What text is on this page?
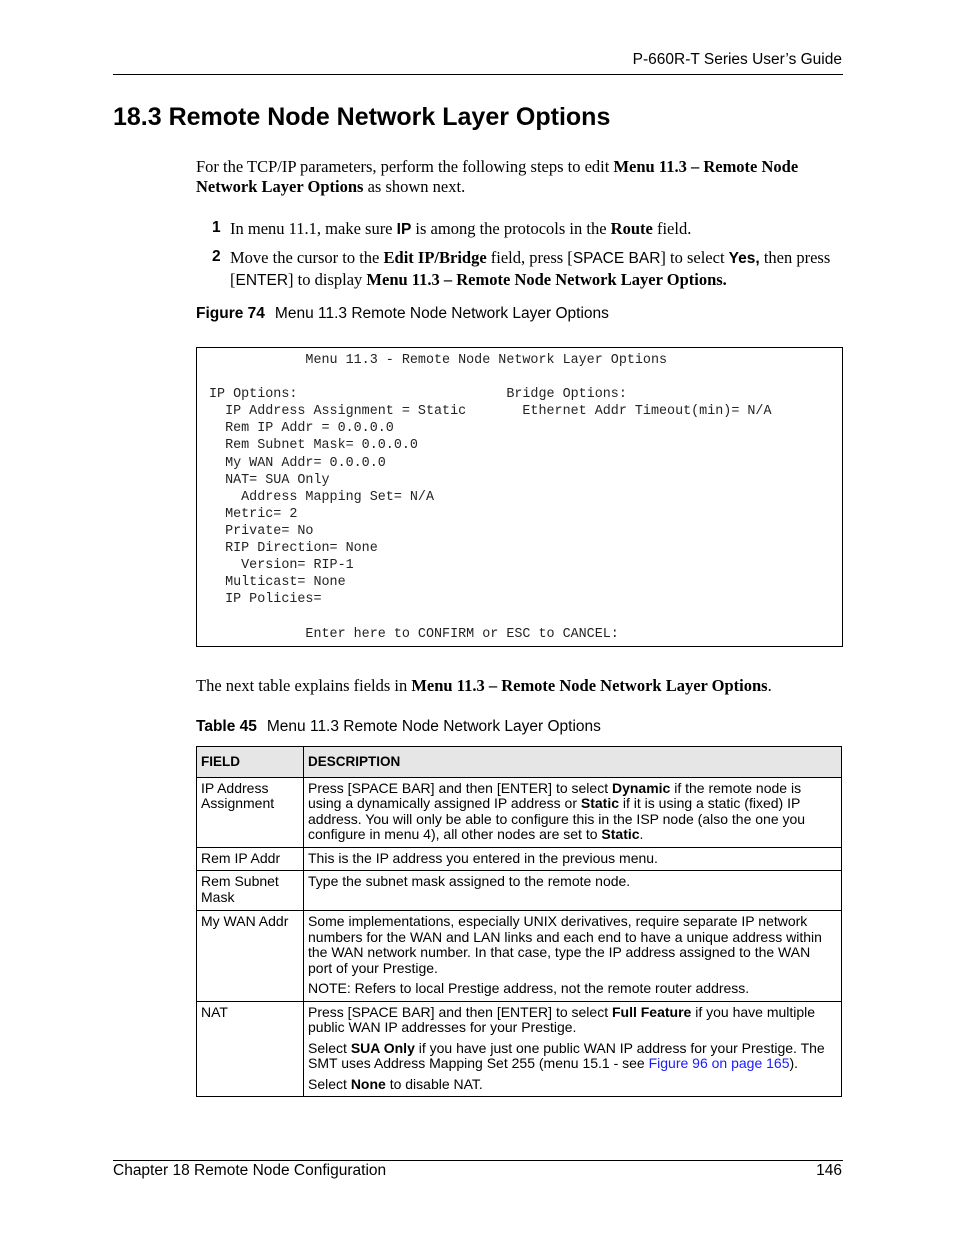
P-660R-T Series User’s Guide
18.3 Remote Node Network Layer Options

For the TCP/IP parameters, perform the following steps to edit Menu 11.3 – Remote Node Network Layer Options as shown next.

1 In menu 11.1, make sure IP is among the protocols in the Route field.
2 Move the cursor to the Edit IP/Bridge field, press [SPACE BAR] to select Yes, then press [ENTER] to display Menu 11.3 – Remote Node Network Layer Options.
Figure 74 Menu 11.3 Remote Node Network Layer Options
Menu 11.3 - Remote Node Network Layer Options

IP Options:                          Bridge Options:
IP Address Assignment = Static       Ethernet Addr Timeout(min)= N/A
Rem IP Addr = 0.0.0.0
Rem Subnet Mask= 0.0.0.0
My WAN Addr= 0.0.0.0
NAT= SUA Only
Address Mapping Set= N/A
Metric= 2
Private= No
RIP Direction= None
Version= RIP-1
Multicast= None
IP Policies=

Enter here to CONFIRM or ESC to CANCEL:

The next table explains fields in Menu 11.3 – Remote Node Network Layer Options.

Table 45 Menu 11.3 Remote Node Network Layer Options
FIELD	DESCRIPTION
IP Address Assignment	Press [SPACE BAR] and then [ENTER] to select Dynamic if the remote node is using a dynamically assigned IP address or Static if it is using a static (fixed) IP address. You will only be able to configure this in the ISP node (also the one you configure in menu 4), all other nodes are set to Static.
Rem IP Addr	This is the IP address you entered in the previous menu.
Rem Subnet Mask	Type the subnet mask assigned to the remote node.
My WAN Addr	Some implementations, especially UNIX derivatives, require separate IP network numbers for the WAN and LAN links and each end to have a unique address within the WAN network number. In that case, type the IP address assigned to the WAN port of your Prestige.

NOTE: Refers to local Prestige address, not the remote router address.

NAT	Press [SPACE BAR] and then [ENTER] to select Full Feature if you have multiple public WAN IP addresses for your Prestige.

Select SUA Only if you have just one public WAN IP address for your Prestige. The SMT uses Address Mapping Set 255 (menu 15.1 - see Figure 96 on page 165).

Select None to disable NAT.

Chapter 18 Remote Node Configuration	146
